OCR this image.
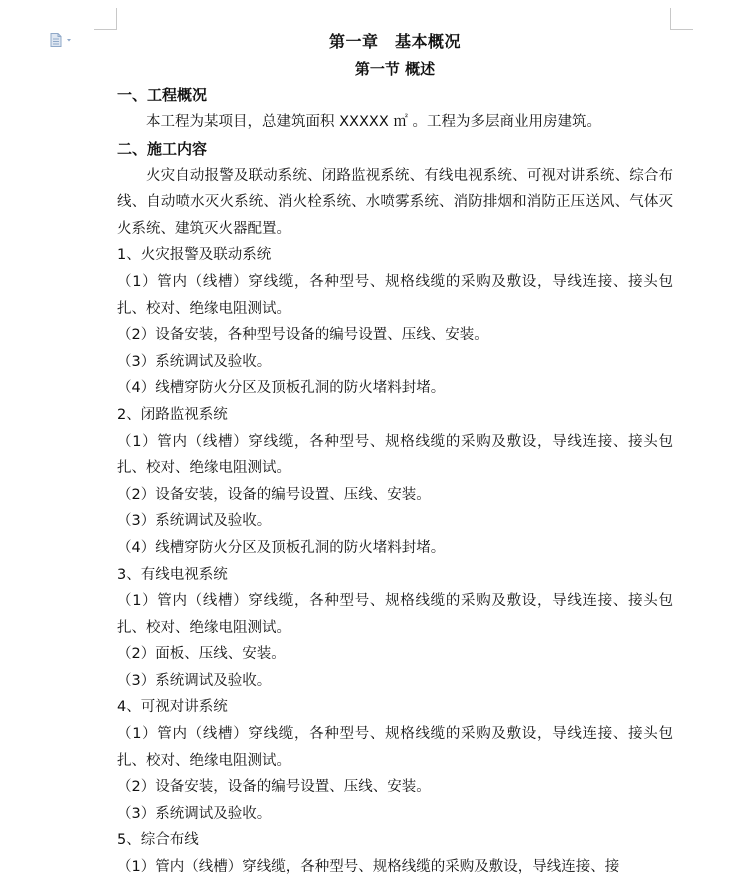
第一章　基本概况
第一节 概述
一、工程概况
本工程为某项目，总建筑面积 XXXXX ㎡ 。工程为多层商业用房建筑。
二、施工内容
火灾自动报警及联动系统、闭路监视系统、有线电视系统、可视对讲系统、综合布线、自动喷水灭火系统、消火栓系统、水喷雾系统、消防排烟和消防正压送风、气体灭火系统、建筑灭火器配置。
1、火灾报警及联动系统
（1）管内（线槽）穿线缆，各种型号、规格线缆的采购及敷设，导线连接、接头包扎、校对、绝缘电阻测试。
（2）设备安装，各种型号设备的编号设置、压线、安装。
（3）系统调试及验收。
（4）线槽穿防火分区及顶板孔洞的防火堵料封堵。
2、闭路监视系统
（1）管内（线槽）穿线缆，各种型号、规格线缆的采购及敷设，导线连接、接头包扎、校对、绝缘电阻测试。
（2）设备安装，设备的编号设置、压线、安装。
（3）系统调试及验收。
（4）线槽穿防火分区及顶板孔洞的防火堵料封堵。
3、有线电视系统
（1）管内（线槽）穿线缆，各种型号、规格线缆的采购及敷设，导线连接、接头包扎、校对、绝缘电阻测试。
（2）面板、压线、安装。
（3）系统调试及验收。
4、可视对讲系统
（1）管内（线槽）穿线缆，各种型号、规格线缆的采购及敷设，导线连接、接头包扎、校对、绝缘电阻测试。
（2）设备安装，设备的编号设置、压线、安装。
（3）系统调试及验收。
5、综合布线
（1）管内（线槽）穿线缆，各种型号、规格线缆的采购及敷设，导线连接、接
